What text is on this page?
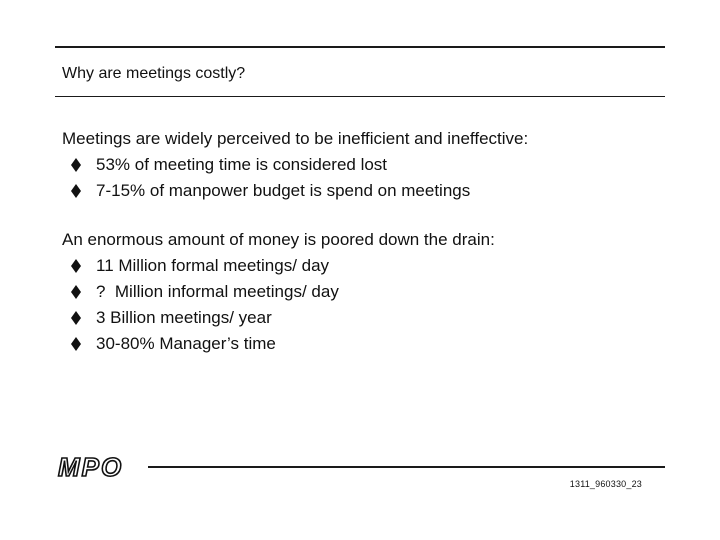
Why are meetings costly?

Meetings are widely perceived to be inefficient and ineffective:

53% of meeting time is considered lost
7-15% of manpower budget is spend on meetings

An enormous amount of money is poored down the drain:

11 Million formal meetings/ day
?  Million informal meetings/ day
3 Billion meetings/ year
30-80% Manager’s time
MPO
1311_960330_23
